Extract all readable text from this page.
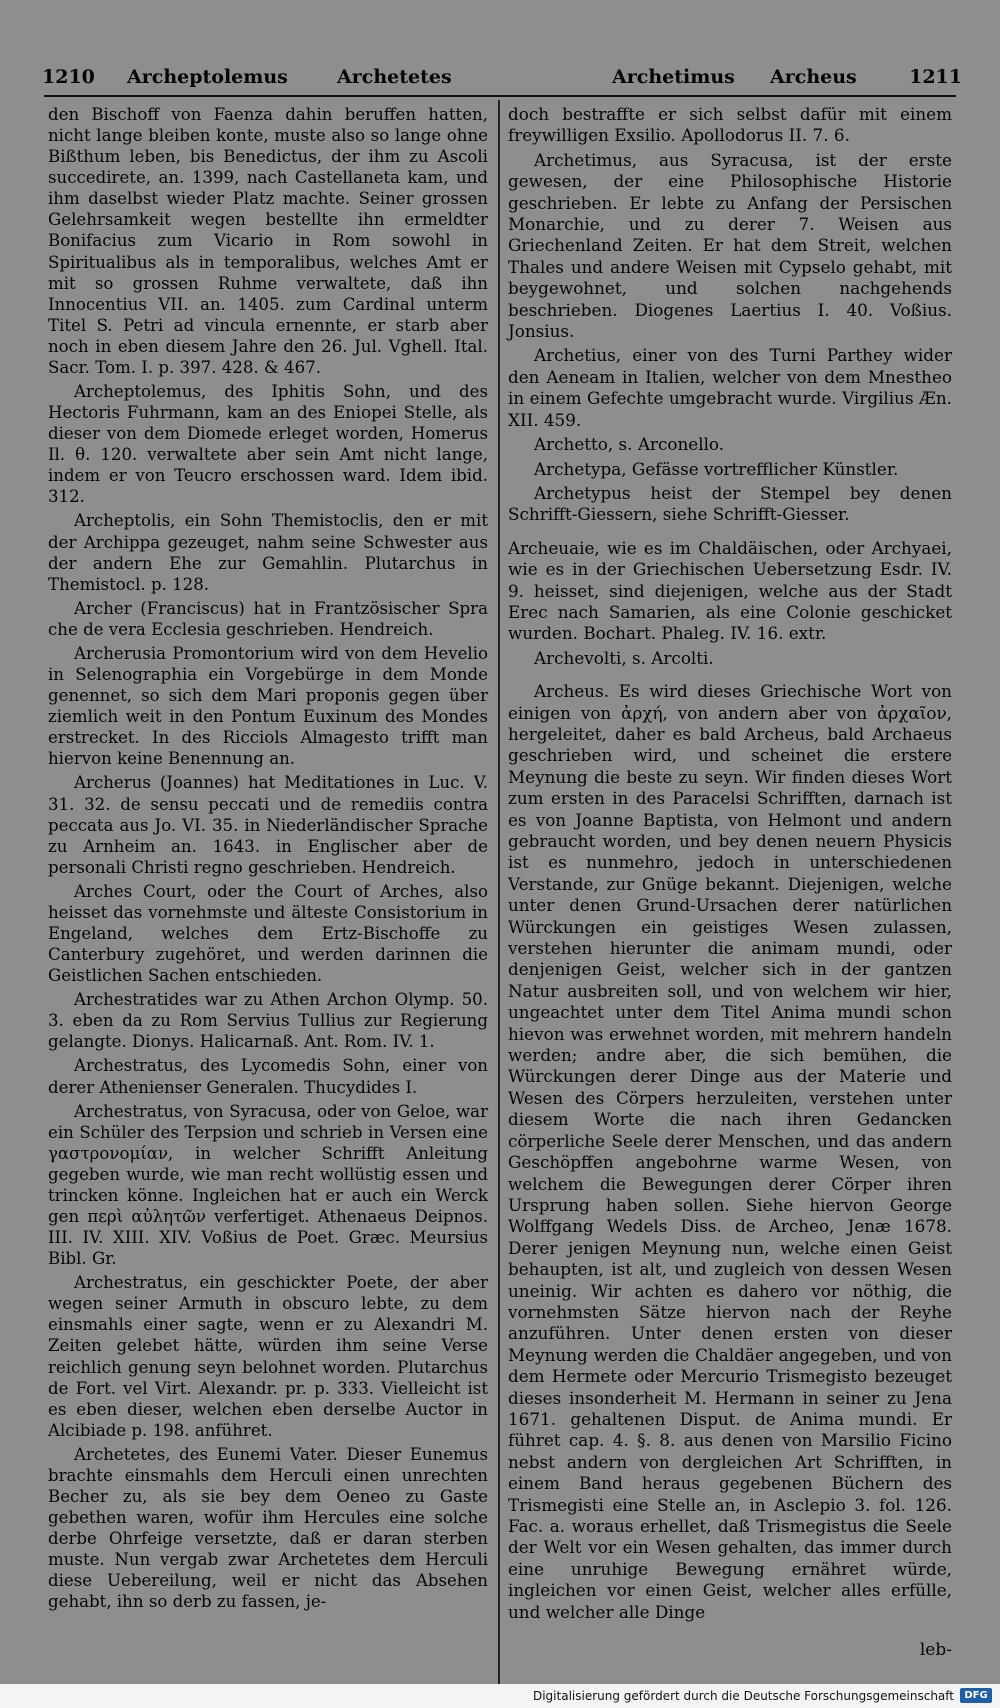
1210 Archeptolemus	Archetetes	Archetimus Archeus	1211

den Bischoff von Faenza dahin beruffen hatten, nicht lange bleiben konte, muste also so lange ohne Bißthum leben, bis Benedictus, der ihm zu Ascoli succedirete, an. 1399, nach Castellaneta kam, und ihm daselbst wieder Platz machte. Seiner grossen Gelehrsamkeit wegen bestellte ihn ermeldter Bonifacius zum Vicario in Rom sowohl in Spiritualibus als in temporalibus, welches Amt er mit so grossen Ruhme verwaltete, daß ihn Innocentius VII. an. 1405. zum Cardinal unterm Titel S. Petri ad vincula ernennte, er starb aber noch in eben diesem Jahre den 26. Jul. Vghell. Ital. Sacr. Tom. I. p. 397. 428. & 467.

Archeptolemus, des Iphitis Sohn, und des Hectoris Fuhrmann, kam an des Eniopei Stelle, als dieser von dem Diomede erleget worden, Homerus Il. θ. 120. verwaltete aber sein Amt nicht lange, indem er von Teucro erschossen ward. Idem ibid. 312.

Archeptolis, ein Sohn Themistoclis, den er mit der Archippa gezeuget, nahm seine Schwester aus der andern Ehe zur Gemahlin. Plutarchus in Themistocl. p. 128.

Archer (Franciscus) hat in Frantzösischer Spra che de vera Ecclesia geschrieben. Hendreich.

Archerusia Promontorium wird von dem Hevelio in Selenographia ein Vorgebürge in dem Monde genennet, so sich dem Mari proponis gegen über ziemlich weit in den Pontum Euxinum des Mondes erstrecket. In des Ricciols Almagesto trifft man hiervon keine Benennung an.

Archerus (Joannes) hat Meditationes in Luc. V. 31. 32. de sensu peccati und de remediis contra peccata aus Jo. VI. 35. in Niederländischer Sprache zu Arnheim an. 1643. in Englischer aber de personali Christi regno geschrieben. Hendreich.

Arches Court, oder the Court of Arches, also heisset das vornehmste und älteste Consistorium in Engeland, welches dem Ertz-Bischoffe zu Canterbury zugehöret, und werden darinnen die Geistlichen Sachen entschieden.

Archestratides war zu Athen Archon Olymp. 50. 3. eben da zu Rom Servius Tullius zur Regierung gelangte. Dionys. Halicarnaß. Ant. Rom. IV. 1.

Archestratus, des Lycomedis Sohn, einer von derer Athenienser Generalen. Thucydides I.

Archestratus, von Syracusa, oder von Geloe, war ein Schüler des Terpsion und schrieb in Versen eine γαστρονομίαν, in welcher Schrifft Anleitung gegeben wurde, wie man recht wollüstig essen und trincken könne. Ingleichen hat er auch ein Werck gen περὶ αὐλητῶν verfertiget. Athenaeus Deipnos. III. IV. XIII. XIV. Voßius de Poet. Græc. Meursius Bibl. Gr.

Archestratus, ein geschickter Poete, der aber wegen seiner Armuth in obscuro lebte, zu dem einsmahls einer sagte, wenn er zu Alexandri M. Zeiten gelebet hätte, würden ihm seine Verse reichlich genung seyn belohnet worden. Plutarchus de Fort. vel Virt. Alexandr. pr. p. 333. Vielleicht ist es eben dieser, welchen eben derselbe Auctor in Alcibiade p. 198. anführet.

Archetetes, des Eunemi Vater. Dieser Eunemus brachte einsmahls dem Herculi einen unrechten Becher zu, als sie bey dem Oeneo zu Gaste gebethen waren, wofür ihm Hercules eine solche derbe Ohrfeige versetzte, daß er daran sterben muste. Nun vergab zwar Archetetes dem Herculi diese Uebereilung, weil er nicht das Absehen gehabt, ihn so derb zu fassen, je-

doch bestraffte er sich selbst dafür mit einem freywilligen Exsilio. Apollodorus II. 7. 6.

Archetimus, aus Syracusa, ist der erste gewesen, der eine Philosophische Historie geschrieben. Er lebte zu Anfang der Persischen Monarchie, und zu derer 7. Weisen aus Griechenland Zeiten. Er hat dem Streit, welchen Thales und andere Weisen mit Cypselo gehabt, mit beygewohnet, und solchen nachgehends beschrieben. Diogenes Laertius I. 40. Voßius. Jonsius.

Archetius, einer von des Turni Parthey wider den Aeneam in Italien, welcher von dem Mnestheo in einem Gefechte umgebracht wurde. Virgilius Æn. XII. 459.

Archetto, s. Arconello.

Archetypa, Gefässe vortrefflicher Künstler.

Archetypus heist der Stempel bey denen Schrifft-Giessern, siehe Schrifft-Giesser.

Archeuaie, wie es im Chaldäischen, oder Archyaei, wie es in der Griechischen Uebersetzung Esdr. IV. 9. heisset, sind diejenigen, welche aus der Stadt Erec nach Samarien, als eine Colonie geschicket wurden. Bochart. Phaleg. IV. 16. extr.

Archevolti, s. Arcolti.

Archeus. Es wird dieses Griechische Wort von einigen von ἀρχή, von andern aber von ἀρχαῖον, hergeleitet, daher es bald Archeus, bald Archaeus geschrieben wird, und scheinet die erstere Meynung die beste zu seyn. Wir finden dieses Wort zum ersten in des Paracelsi Schrifften, darnach ist es von Joanne Baptista, von Helmont und andern gebraucht worden, und bey denen neuern Physicis ist es nunmehro, jedoch in unterschiedenen Verstande, zur Gnüge bekannt. Diejenigen, welche unter denen Grund-Ursachen derer natürlichen Würckungen ein geistiges Wesen zulassen, verstehen hierunter die animam mundi, oder denjenigen Geist, welcher sich in der gantzen Natur ausbreiten soll, und von welchem wir hier, ungeachtet unter dem Titel Anima mundi schon hievon was erwehnet worden, mit mehrern handeln werden; andre aber, die sich bemühen, die Würckungen derer Dinge aus der Materie und Wesen des Cörpers herzuleiten, verstehen unter diesem Worte die nach ihren Gedancken cörperliche Seele derer Menschen, und das andern Geschöpffen angebohrne warme Wesen, von welchem die Bewegungen derer Cörper ihren Ursprung haben sollen. Siehe hiervon George Wolffgang Wedels Diss. de Archeo, Jenæ 1678. Derer jenigen Meynung nun, welche einen Geist behaupten, ist alt, und zugleich von dessen Wesen uneinig. Wir achten es dahero vor nöthig, die vornehmsten Sätze hiervon nach der Reyhe anzuführen. Unter denen ersten von dieser Meynung werden die Chaldäer angegeben, und von dem Hermete oder Mercurio Trismegisto bezeuget dieses insonderheit M. Hermann in seiner zu Jena 1671. gehaltenen Disput. de Anima mundi. Er führet cap. 4. §. 8. aus denen von Marsilio Ficino nebst andern von dergleichen Art Schrifften, in einem Band heraus gegebenen Büchern des Trismegisti eine Stelle an, in Asclepio 3. fol. 126. Fac. a. woraus erhellet, daß Trismegistus die Seele der Welt vor ein Wesen gehalten, das immer durch eine unruhige Bewegung ernähret würde, ingleichen vor einen Geist, welcher alles erfülle, und welcher alle Dinge

leb-
Digitalisierung gefördert durch die Deutsche Forschungsgemeinschaft	DFG
